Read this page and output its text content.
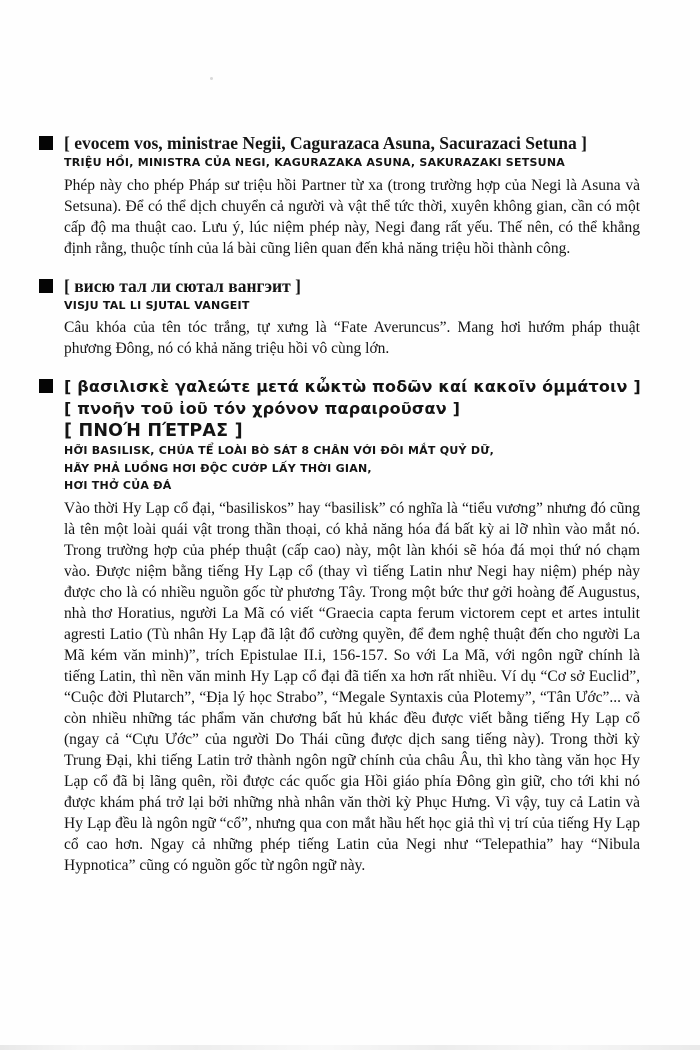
[ evocem vos, ministrae Negii, Cagurazaca Asuna, Sacurazaci Setuna ]
TRIỆU HỒI, MINISTRA CỦA NEGI, KAGURAZAKA ASUNA, SAKURAZAKI SETSUNA

Phép này cho phép Pháp sư triệu hồi Partner từ xa (trong trường hợp của Negi là Asuna và Setsuna). Để có thể dịch chuyển cả người và vật thể tức thời, xuyên không gian, cần có một cấp độ ma thuật cao. Lưu ý, lúc niệm phép này, Negi đang rất yếu. Thế nên, có thể khẳng định rằng, thuộc tính của lá bài cũng liên quan đến khả năng triệu hồi thành công.

[ висю тал ли сютал вангэит ]
VISJU TAL LI SJUTAL VANGEIT

Câu khóa của tên tóc trắng, tự xưng là “Fate Averuncus”. Mang hơi hướm pháp thuật phương Đông, nó có khả năng triệu hồi vô cùng lớn.

[ βασιλισκὲ γαλεώτε μετά κὦκτὼ ποδῶν καί κακοῖν όμμάτοιν ]
[ πνοῆν τοῦ ἰοῦ τόν χρόνον παραιροῦσαν ]
[ ΠΝΟΉ ΠΈΤΡΑΣ ]
HỠI BASILISK, CHÚA TỂ LOÀI BÒ SÁT 8 CHÂN VỚI ĐÔI MẮT QUỶ DỮ,
HÃY PHẢ LUỒNG HƠI ĐỘC CƯỚP LẤY THỜI GIAN,
HƠI THỞ CỦA ĐÁ

Vào thời Hy Lạp cổ đại, “basiliskos” hay “basilisk” có nghĩa là “tiểu vương” nhưng đó cũng là tên một loài quái vật trong thần thoại, có khả năng hóa đá bất kỳ ai lỡ nhìn vào mắt nó. Trong trường hợp của phép thuật (cấp cao) này, một làn khói sẽ hóa đá mọi thứ nó chạm vào. Được niệm bằng tiếng Hy Lạp cổ (thay vì tiếng Latin như Negi hay niệm) phép này được cho là có nhiều nguồn gốc từ phương Tây. Trong một bức thư gởi hoàng đế Augustus, nhà thơ Horatius, người La Mã có viết “Graecia capta ferum victorem cept et artes intulit agresti Latio (Tù nhân Hy Lạp đã lật đổ cường quyền, để đem nghệ thuật đến cho người La Mã kém văn minh)”, trích Epistulae II.i, 156-157. So với La Mã, với ngôn ngữ chính là tiếng Latin, thì nền văn minh Hy Lạp cổ đại đã tiến xa hơn rất nhiều. Ví dụ “Cơ sở Euclid”, “Cuộc đời Plutarch”, “Địa lý học Strabo”, “Megale Syntaxis của Plotemy”, “Tân Ước”... và còn nhiều những tác phẩm văn chương bất hủ khác đều được viết bằng tiếng Hy Lạp cổ (ngay cả “Cựu Ước” của người Do Thái cũng được dịch sang tiếng này). Trong thời kỳ Trung Đại, khi tiếng Latin trở thành ngôn ngữ chính của châu Âu, thì kho tàng văn học Hy Lạp cổ đã bị lãng quên, rồi được các quốc gia Hồi giáo phía Đông gìn giữ, cho tới khi nó được khám phá trở lại bởi những nhà nhân văn thời kỳ Phục Hưng. Vì vậy, tuy cả Latin và Hy Lạp đều là ngôn ngữ “cổ”, nhưng qua con mắt hầu hết học giả thì vị trí của tiếng Hy Lạp cổ cao hơn. Ngay cả những phép tiếng Latin của Negi như “Telepathia” hay “Nibula Hypnotica” cũng có nguồn gốc từ ngôn ngữ này.
